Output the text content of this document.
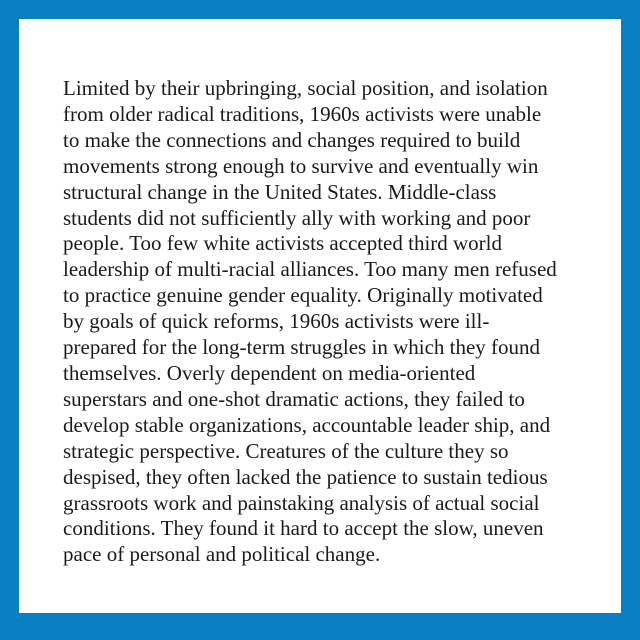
Limited by their upbringing, social position, and isolation
from older radical traditions, 1960s activists were unable
to make the connections and changes required to build
movements strong enough to survive and eventually win
structural change in the United States. Middle-class
students did not sufficiently ally with working and poor
people. Too few white activists accepted third world
leadership of multi-racial alliances. Too many men refused
to practice genuine gender equality. Originally motivated
by goals of quick reforms, 1960s activists were ill-
prepared for the long-term struggles in which they found
themselves. Overly dependent on media-oriented
superstars and one-shot dramatic actions, they failed to
develop stable organizations, accountable leader ship, and
strategic perspective. Creatures of the culture they so
despised, they often lacked the patience to sustain tedious
grassroots work and painstaking analysis of actual social
conditions. They found it hard to accept the slow, uneven
pace of personal and political change.
